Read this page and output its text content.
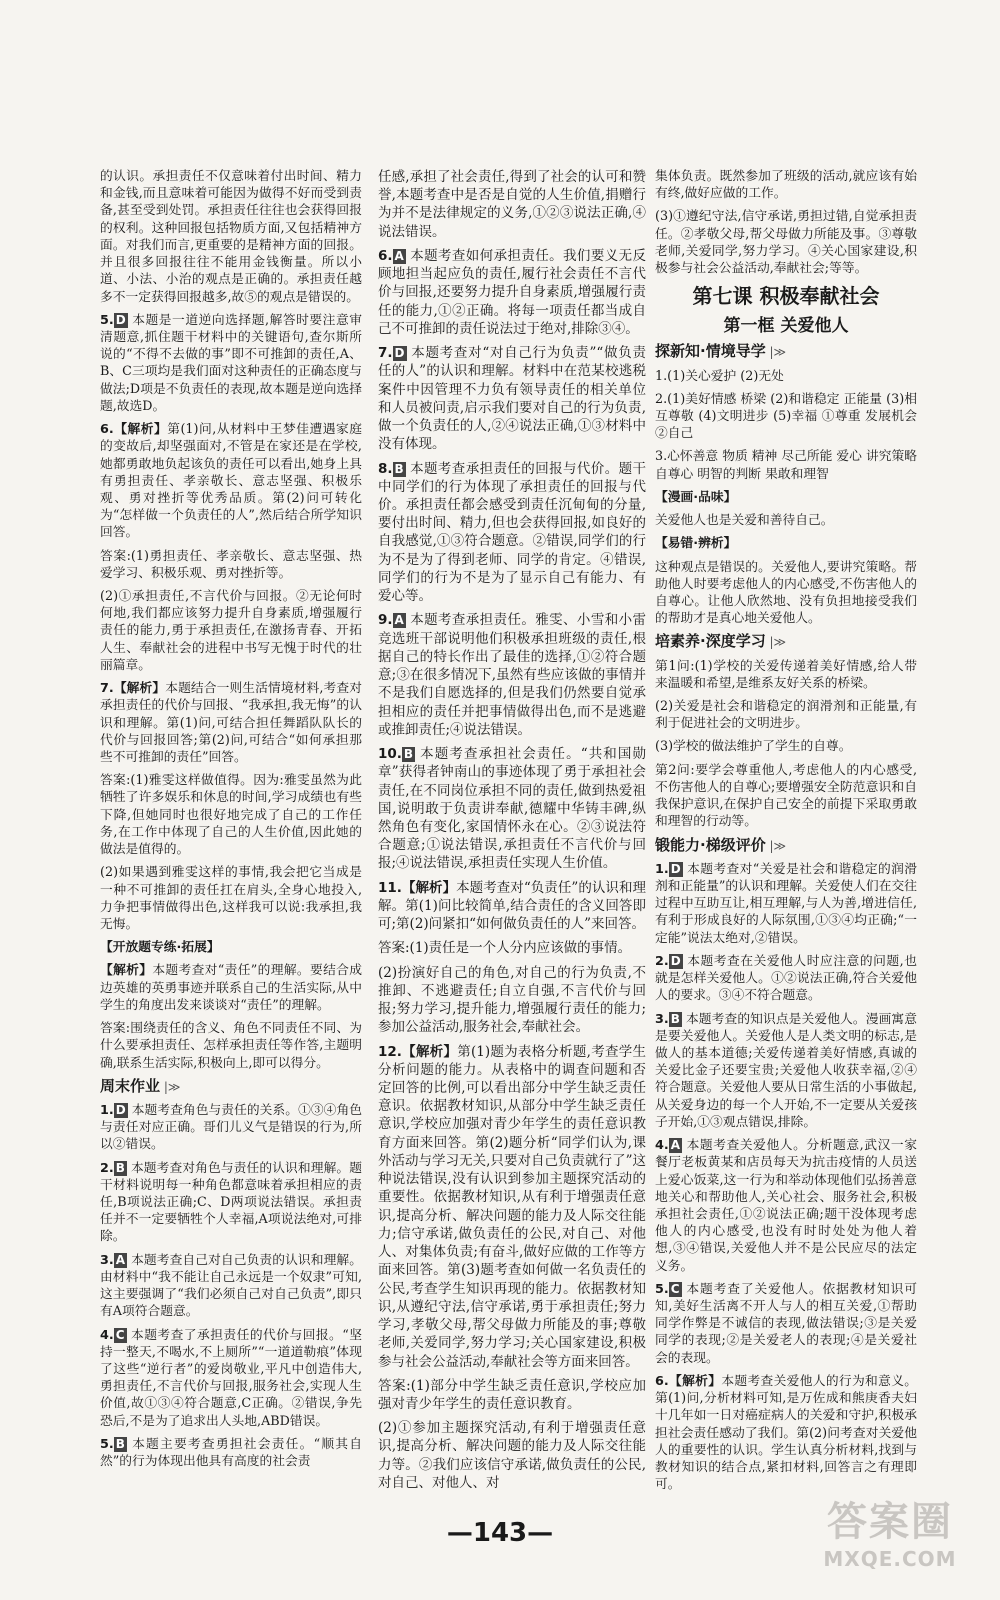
的认识。承担责任不仅意味着付出时间、精力和金钱,而且意味着可能因为做得不好而受到责备,甚至受到处罚。承担责任往往也会获得回报的权利。这种回报包括物质方面,又包括精神方面。对我们而言,更重要的是精神方面的回报。并且很多回报往往不能用金钱衡量。所以小道、小法、小治的观点是正确的。承担责任越多不一定获得回报越多,故⑤的观点是错误的。

5. D 本题是一道逆向选择题,解答时要注意审清题意,抓住题干材料中的关键语句,查尔斯所说的“不得不去做的事”即不可推卸的责任,A、B、C三项均是我们面对这种责任的正确态度与做法;D项是不负责任的表现,故本题是逆向选择题,故选D。

6.【解析】第(1)问,从材料中王梦佳遭遇家庭的变故后,却坚强面对,不管是在家还是在学校,她都勇敢地负起该负的责任可以看出,她身上具有勇担责任、孝亲敬长、意志坚强、积极乐观、勇对挫折等优秀品质。第(2)问可转化为“怎样做一个负责任的人”,然后结合所学知识回答。

答案:(1)勇担责任、孝亲敬长、意志坚强、热爱学习、积极乐观、勇对挫折等。

(2)①承担责任,不言代价与回报。②无论何时何地,我们都应该努力提升自身素质,增强履行责任的能力,勇于承担责任,在激扬青春、开拓人生、奉献社会的进程中书写无愧于时代的壮丽篇章。

7.【解析】本题结合一则生活情境材料,考查对承担责任的代价与回报、“我承担,我无悔”的认识和理解。第(1)问,可结合担任舞蹈队队长的代价与回报回答;第(2)问,可结合“如何承担那些不可推卸的责任”回答。

答案:(1)雅雯这样做值得。因为:雅雯虽然为此牺牲了许多娱乐和休息的时间,学习成绩也有些下降,但她同时也很好地完成了自己的工作任务,在工作中体现了自己的人生价值,因此她的做法是值得的。

(2)如果遇到雅雯这样的事情,我会把它当成是一种不可推卸的责任扛在肩头,全身心地投入,力争把事情做得出色,这样我可以说:我承担,我无悔。

【开放题专练·拓展】

【解析】本题考查对“责任”的理解。要结合成边英雄的英勇事迹并联系自己的生活实际,从中学生的角度出发来谈谈对“责任”的理解。

答案:围绕责任的含义、角色不同责任不同、为什么要承担责任、怎样承担责任等作答,主题明确,联系生活实际,积极向上,即可以得分。

周末作业 |≫

1. D 本题考查角色与责任的关系。①③④角色与责任对应正确。哥们儿义气是错误的行为,所以②错误。

2. B 本题考查对角色与责任的认识和理解。题干材料说明每一种角色都意味着承担相应的责任,B项说法正确;C、D两项说法错误。承担责任并不一定要牺牲个人幸福,A项说法绝对,可排除。

3. A 本题考查自己对自己负责的认识和理解。由材料中“我不能让自己永远是一个奴隶”可知,这主要强调了“我们必须自己对自己负责”,即只有A项符合题意。

4. C 本题考查了承担责任的代价与回报。“坚持一整天,不喝水,不上厕所”“一道道勒痕”体现了这些“逆行者”的爱岗敬业,平凡中创造伟大,勇担责任,不言代价与回报,服务社会,实现人生价值,故①③④符合题意,C正确。②错误,争先恐后,不是为了追求出人头地,ABD错误。

5. B 本题主要考查勇担社会责任。“顺其自然”的行为体现出他具有高度的社会责

任感,承担了社会责任,得到了社会的认可和赞誉,本题考查中是否是自觉的人生价值,捐赠行为并不是法律规定的义务,①②③说法正确,④说法错误。

6. A 本题考查如何承担责任。我们要义无反顾地担当起应负的责任,履行社会责任不言代价与回报,还要努力提升自身素质,增强履行责任的能力,①②正确。将每一项责任都当成自己不可推卸的责任说法过于绝对,排除③④。

7. D 本题考查对“对自己行为负责”“做负责任的人”的认识和理解。材料中在范某校逃税案件中因管理不力负有领导责任的相关单位和人员被问责,启示我们要对自己的行为负责,做一个负责任的人,②④说法正确,①③材料中没有体现。

8. B 本题考查承担责任的回报与代价。题干中同学们的行为体现了承担责任的回报与代价。承担责任都会感受到责任沉甸甸的分量,要付出时间、精力,但也会获得回报,如良好的自我感觉,①③符合题意。②错误,同学们的行为不是为了得到老师、同学的肯定。④错误,同学们的行为不是为了显示自己有能力、有爱心等。

9. A 本题考查承担责任。雅雯、小雪和小雷竞选班干部说明他们积极承担班级的责任,根据自己的特长作出了最佳的选择,①②符合题意;③在很多情况下,虽然有些应该做的事情并不是我们自愿选择的,但是我们仍然要自觉承担相应的责任并把事情做得出色,而不是逃避或推卸责任;④说法错误。

10. B 本题考查承担社会责任。“共和国勋章”获得者钟南山的事迹体现了勇于承担社会责任,在不同岗位承担不同的责任,做到热爱祖国,说明敢于负责讲奉献,德耀中华铸丰碑,纵然角色有变化,家国情怀永在心。②③说法符合题意;①说法错误,承担责任不言代价与回报;④说法错误,承担责任实现人生价值。

11.【解析】本题考查对“负责任”的认识和理解。第(1)问比较简单,结合责任的含义回答即可;第(2)问紧扣“如何做负责任的人”来回答。

答案:(1)责任是一个人分内应该做的事情。

(2)扮演好自己的角色,对自己的行为负责,不推卸、不逃避责任;自立自强,不言代价与回报;努力学习,提升能力,增强履行责任的能力;参加公益活动,服务社会,奉献社会。

12.【解析】第(1)题为表格分析题,考查学生分析问题的能力。从表格中的调查问题和否定回答的比例,可以看出部分中学生缺乏责任意识。依据教材知识,从部分中学生缺乏责任意识,学校应加强对青少年学生的责任意识教育方面来回答。第(2)题分析“同学们认为,课外活动与学习无关,只要对自己负责就行了”这种说法错误,没有认识到参加主题探究活动的重要性。依据教材知识,从有利于增强责任意识,提高分析、解决问题的能力及人际交往能力;信守承诺,做负责任的公民,对自己、对他人、对集体负责;有奋斗,做好应做的工作等方面来回答。第(3)题考查如何做一名负责任的公民,考查学生知识再现的能力。依据教材知识,从遵纪守法,信守承诺,勇于承担责任;努力学习,孝敬父母,帮父母做力所能及的事;尊敬老师,关爱同学,努力学习;关心国家建设,积极参与社会公益活动,奉献社会等方面来回答。

答案:(1)部分中学生缺乏责任意识,学校应加强对青少年学生的责任意识教育。

(2)①参加主题探究活动,有利于增强责任意识,提高分析、解决问题的能力及人际交往能力等。②我们应该信守承诺,做负责任的公民,对自己、对他人、对

集体负责。既然参加了班级的活动,就应该有始有终,做好应做的工作。

(3)①遵纪守法,信守承诺,勇担过错,自觉承担责任。②孝敬父母,帮父母做力所能及事。③尊敬老师,关爱同学,努力学习。④关心国家建设,积极参与社会公益活动,奉献社会;等等。

第七课 积极奉献社会

第一框 关爱他人

探新知·情境导学 |≫

1.(1)关心爱护 (2)无处

2.(1)美好情感 桥梁 (2)和谐稳定 正能量 (3)相互尊敬 (4)文明进步 (5)幸福 ①尊重 发展机会 ②自己

3.心怀善意 物质 精神 尽己所能 爱心 讲究策略 自尊心 明智的判断 果敢和理智

【漫画·品味】

关爱他人也是关爱和善待自己。

【易错·辨析】

这种观点是错误的。关爱他人,要讲究策略。帮助他人时要考虑他人的内心感受,不伤害他人的自尊心。让他人欣然地、没有负担地接受我们的帮助才是真心地关爱他人。

培素养·深度学习 |≫

第1问:(1)学校的关爱传递着美好情感,给人带来温暖和希望,是维系友好关系的桥梁。

(2)关爱是社会和谐稳定的润滑剂和正能量,有利于促进社会的文明进步。

(3)学校的做法维护了学生的自尊。

第2问:要学会尊重他人,考虑他人的内心感受,不伤害他人的自尊心;要增强安全防范意识和自我保护意识,在保护自己安全的前提下采取勇敢和理智的行动等。

锻能力·梯级评价 |≫

1. D 本题考查对“关爱是社会和谐稳定的润滑剂和正能量”的认识和理解。关爱使人们在交往过程中互助互让,相互理解,与人为善,增进信任,有利于形成良好的人际氛围,①③④均正确;“一定能”说法太绝对,②错误。

2. D 本题考查在关爱他人时应注意的问题,也就是怎样关爱他人。①②说法正确,符合关爱他人的要求。③④不符合题意。

3. B 本题考查的知识点是关爱他人。漫画寓意是要关爱他人。关爱他人是人类文明的标志,是做人的基本道德;关爱传递着美好情感,真诚的关爱比金子还要宝贵;关爱他人收获幸福,②④符合题意。关爱他人要从日常生活的小事做起,从关爱身边的每一个人开始,不一定要从关爱孩子开始,①③观点错误,排除。

4. A 本题考查关爱他人。分析题意,武汉一家餐厅老板黄某和店员每天为抗击疫情的人员送上爱心饭菜,这一行为和举动体现他们弘扬善意地关心和帮助他人,关心社会、服务社会,积极承担社会责任,①②说法正确;题干没体现考虑他人的内心感受,也没有时时处处为他人着想,③④错误,关爱他人并不是公民应尽的法定义务。

5. C 本题考查了关爱他人。依据教材知识可知,美好生活离不开人与人的相互关爱,①帮助同学作弊是不诚信的表现,做法错误;③是关爱同学的表现;②是关爱老人的表现;④是关爱社会的表现。

6.【解析】本题考查关爱他人的行为和意义。第(1)问,分析材料可知,是万佐成和熊庚香夫妇十几年如一日对癌症病人的关爱和守护,积极承担社会责任感动了我们。第(2)问考查对关爱他人的重要性的认识。学生认真分析材料,找到与教材知识的结合点,紧扣材料,回答言之有理即可。

—143—	答案圈
MXQE.COM
